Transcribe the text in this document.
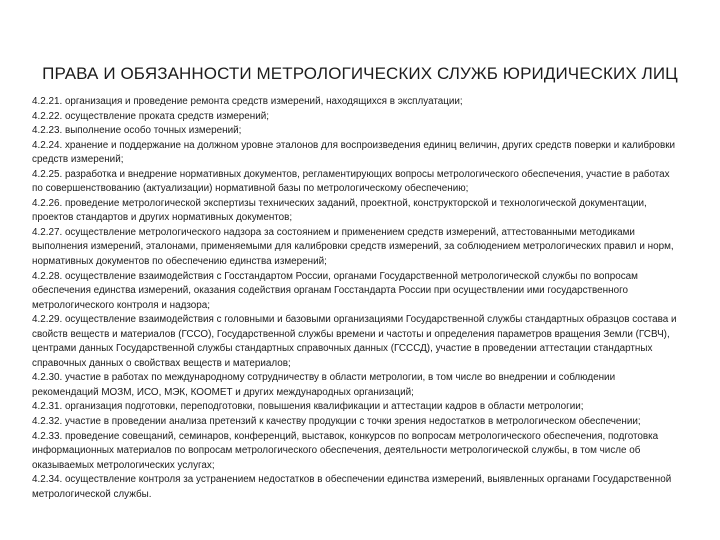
ПРАВА И ОБЯЗАННОСТИ МЕТРОЛОГИЧЕСКИХ СЛУЖБ ЮРИДИЧЕСКИХ ЛИЦ

4.2.21. организация и проведение ремонта средств измерений, находящихся в эксплуатации;

4.2.22. осуществление проката средств измерений;

4.2.23. выполнение особо точных измерений;

4.2.24. хранение и поддержание на должном уровне эталонов для воспроизведения единиц величин, других средств поверки и калибровки средств измерений;

4.2.25. разработка и внедрение нормативных документов, регламентирующих вопросы метрологического обеспечения, участие в работах по совершенствованию (актуализации) нормативной базы по метрологическому обеспечению;

4.2.26. проведение метрологической экспертизы технических заданий, проектной, конструкторской и технологической документации, проектов стандартов и других нормативных документов;

4.2.27. осуществление метрологического надзора за состоянием и применением средств измерений, аттестованными методиками выполнения измерений, эталонами, применяемыми для калибровки средств измерений, за соблюдением метрологических правил и норм, нормативных документов по обеспечению единства измерений;

4.2.28. осуществление взаимодействия с Госстандартом России, органами Государственной метрологической службы по вопросам обеспечения единства измерений, оказания содействия органам Госстандарта России при осуществлении ими государственного метрологического контроля и надзора;

4.2.29. осуществление взаимодействия с головными и базовыми организациями Государственной службы стандартных образцов состава и свойств веществ и материалов (ГССО), Государственной службы времени и частоты и определения параметров вращения Земли (ГСВЧ), центрами данных Государственной службы стандартных справочных данных (ГСССД), участие в проведении аттестации стандартных справочных данных о свойствах веществ и материалов;

4.2.30. участие в работах по международному сотрудничеству в области метрологии, в том числе во внедрении и соблюдении рекомендаций МОЗМ, ИСО, МЭК, КООМЕТ и других международных организаций;

4.2.31. организация подготовки, переподготовки, повышения квалификации и аттестации кадров в области метрологии;

4.2.32. участие в проведении анализа претензий к качеству продукции с точки зрения недостатков в метрологическом обеспечении;

4.2.33. проведение совещаний, семинаров, конференций, выставок, конкурсов по вопросам метрологического обеспечения, подготовка информационных материалов по вопросам метрологического обеспечения, деятельности метрологической службы, в том числе об оказываемых метрологических услугах;

4.2.34. осуществление контроля за устранением недостатков в обеспечении единства измерений, выявленных органами Государственной метрологической службы.
